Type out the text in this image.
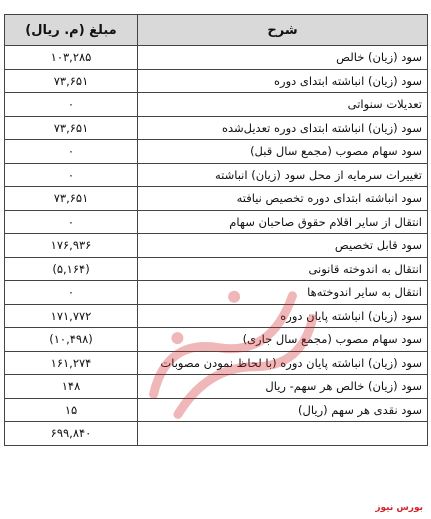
شرح	مبلغ (م. ریال)
سود (زیان) خالص	۱۰۳,۲۸۵
سود (زیان) انباشته ابتدای دوره	۷۳,۶۵۱
تعدیلات سنواتی	۰
سود (زیان) انباشته ابتدای دوره تعدیل‌شده	۷۳,۶۵۱
سود سهام مصوب (مجمع سال قبل)	۰
تغییرات سرمایه از محل سود (زیان) انباشته	۰
سود انباشته ابتدای دوره تخصیص نیافته	۷۳,۶۵۱
انتقال از سایر اقلام حقوق صاحبان سهام	۰
سود قابل تخصیص	۱۷۶,۹۳۶
انتقال به اندوخته قانونی	(۵,۱۶۴)
انتقال به سایر اندوخته‌ها	۰
سود (زیان) انباشته پایان دوره	۱۷۱,۷۷۲
سود سهام مصوب (مجمع سال جاری)	(۱۰,۴۹۸)
سود (زیان) انباشته پایان دوره (با لحاظ نمودن مصوبات	۱۶۱,۲۷۴
سود (زیان) خالص هر سهم- ریال	۱۴۸
سود نقدی هر سهم (ریال)	۱۵
	۶۹۹,۸۴۰
بورس نیوز
